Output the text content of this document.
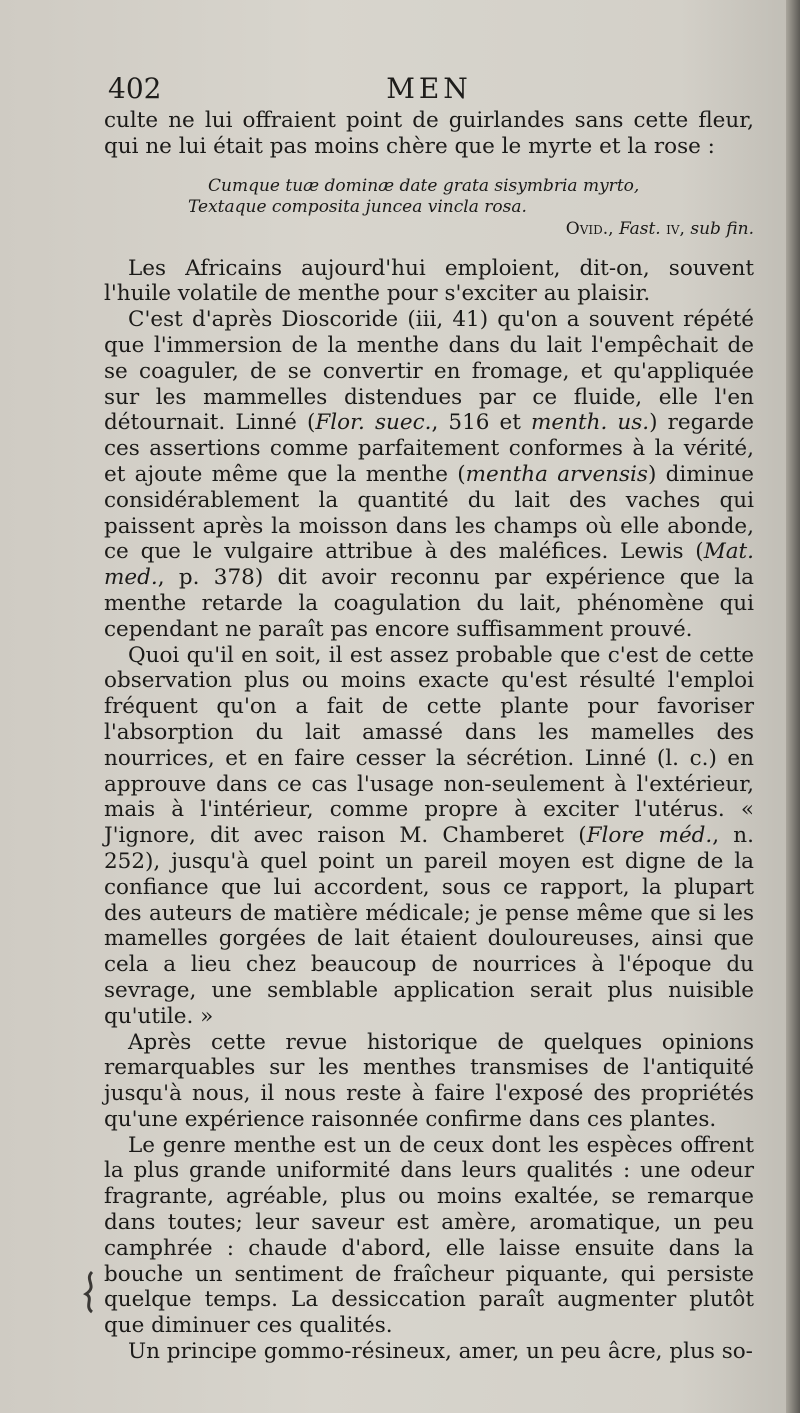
402	MEN

culte ne lui offraient point de guirlandes sans cette fleur, qui ne lui était pas moins chère que le myrte et la rose :

Cumque tuæ dominæ date grata sisymbria myrto,
Textaque composita juncea vincla rosa.
Ovid., Fast. iv, sub fin.

Les Africains aujourd'hui emploient, dit-on, souvent l'huile volatile de menthe pour s'exciter au plaisir.

C'est d'après Dioscoride (iii, 41) qu'on a souvent répété que l'immersion de la menthe dans du lait l'empêchait de se coaguler, de se convertir en fromage, et qu'appliquée sur les mammelles distendues par ce fluide, elle l'en détournait. Linné (Flor. suec., 516 et menth. us.) regarde ces assertions comme parfaitement conformes à la vérité, et ajoute même que la menthe (mentha arvensis) diminue considérablement la quantité du lait des vaches qui paissent après la moisson dans les champs où elle abonde, ce que le vulgaire attribue à des maléfices. Lewis (Mat. med., p. 378) dit avoir reconnu par expérience que la menthe retarde la coagulation du lait, phénomène qui cependant ne paraît pas encore suffisamment prouvé.

Quoi qu'il en soit, il est assez probable que c'est de cette observation plus ou moins exacte qu'est résulté l'emploi fréquent qu'on a fait de cette plante pour favoriser l'absorption du lait amassé dans les mamelles des nourrices, et en faire cesser la sécrétion. Linné (l. c.) en approuve dans ce cas l'usage non-seulement à l'extérieur, mais à l'intérieur, comme propre à exciter l'utérus. « J'ignore, dit avec raison M. Chamberet (Flore méd., n. 252), jusqu'à quel point un pareil moyen est digne de la confiance que lui accordent, sous ce rapport, la plupart des auteurs de matière médicale; je pense même que si les mamelles gorgées de lait étaient douloureuses, ainsi que cela a lieu chez beaucoup de nourrices à l'époque du sevrage, une semblable application serait plus nuisible qu'utile. »

Après cette revue historique de quelques opinions remarquables sur les menthes transmises de l'antiquité jusqu'à nous, il nous reste à faire l'exposé des propriétés qu'une expérience raisonnée confirme dans ces plantes.

Le genre menthe est un de ceux dont les espèces offrent la plus grande uniformité dans leurs qualités : une odeur fragrante, agréable, plus ou moins exaltée, se remarque dans toutes; leur saveur est amère, aromatique, un peu camphrée : chaude d'abord, elle laisse ensuite dans la bouche un sentiment de fraîcheur piquante, qui persiste quelque temps. La dessiccation paraît augmenter plutôt que diminuer ces qualités.

Un principe gommo-résineux, amer, un peu âcre, plus so-
